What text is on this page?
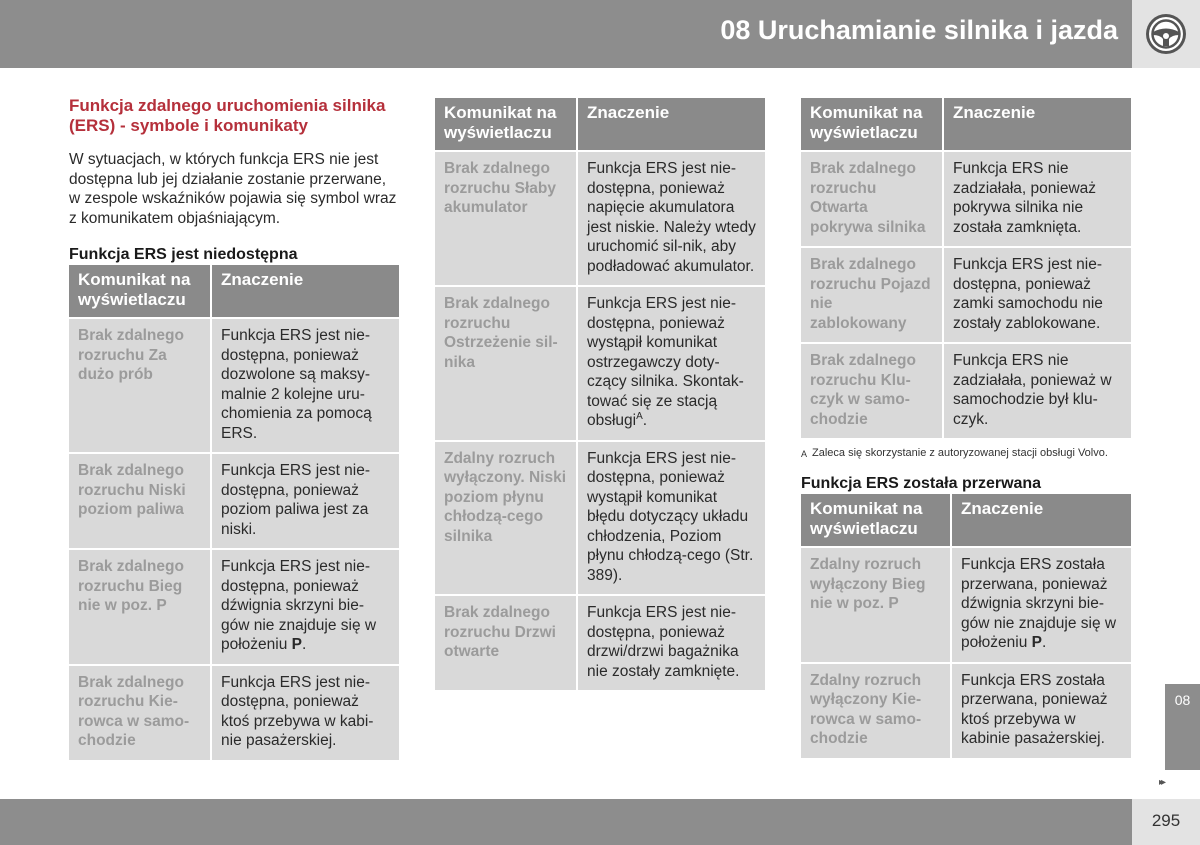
08 Uruchamianie silnika i jazda
Funkcja zdalnego uruchomienia silnika (ERS) - symbole i komunikaty
W sytuacjach, w których funkcja ERS nie jest dostępna lub jej działanie zostanie przerwane, w zespole wskaźników pojawia się symbol wraz z komunikatem objaśniającym.
Funkcja ERS jest niedostępna
Komunikat na wyświetlaczu	Znaczenie
Brak zdalnego rozruchu Za dużo prób	Funkcja ERS jest nie-dostępna, ponieważ dozwolone są maksy-malnie 2 kolejne uru-chomienia za pomocą ERS.
Brak zdalnego rozruchu Niski poziom paliwa	Funkcja ERS jest nie-dostępna, ponieważ poziom paliwa jest za niski.
Brak zdalnego rozruchu Bieg nie w poz. P	Funkcja ERS jest nie-dostępna, ponieważ dźwignia skrzyni bie-gów nie znajduje się w położeniu P.
Brak zdalnego rozruchu Kie-rowca w samo-chodzie	Funkcja ERS jest nie-dostępna, ponieważ ktoś przebywa w kabi-nie pasażerskiej.
Komunikat na wyświetlaczu	Znaczenie
Brak zdalnego rozruchu Słaby akumulator	Funkcja ERS jest nie-dostępna, ponieważ napięcie akumulatora jest niskie. Należy wtedy uruchomić sil-nik, aby podładować akumulator.
Brak zdalnego rozruchu Ostrzeżenie sil-nika	Funkcja ERS jest nie-dostępna, ponieważ wystąpił komunikat ostrzegawczy doty-czący silnika. Skontak-tować się ze stacją obsługi$^A$.
Zdalny rozruch wyłączony. Niski poziom płynu chłodzą-cego silnika	Funkcja ERS jest nie-dostępna, ponieważ wystąpił komunikat błędu dotyczący układu chłodzenia, Poziom płynu chłodzą-cego (Str. 389).
Brak zdalnego rozruchu Drzwi otwarte	Funkcja ERS jest nie-dostępna, ponieważ drzwi/drzwi bagażnika nie zostały zamknięte.
Komunikat na wyświetlaczu	Znaczenie
Brak zdalnego rozruchu Otwarta pokrywa silnika	Funkcja ERS nie zadziałała, ponieważ pokrywa silnika nie została zamknięta.
Brak zdalnego rozruchu Pojazd nie zablokowany	Funkcja ERS jest nie-dostępna, ponieważ zamki samochodu nie zostały zablokowane.
Brak zdalnego rozruchu Klu-czyk w samo-chodzie	Funkcja ERS nie zadziałała, ponieważ w samochodzie był klu-czyk.
A Zaleca się skorzystanie z autoryzowanej stacji obsługi Volvo.
Funkcja ERS została przerwana
Komunikat na wyświetlaczu	Znaczenie
Zdalny rozruch wyłączony Bieg nie w poz. P	Funkcja ERS została przerwana, ponieważ dźwignia skrzyni bie-gów nie znajduje się w położeniu P.
Zdalny rozruch wyłączony Kie-rowca w samo-chodzie	Funkcja ERS została przerwana, ponieważ ktoś przebywa w kabinie pasażerskiej.
08
▸▸
295
